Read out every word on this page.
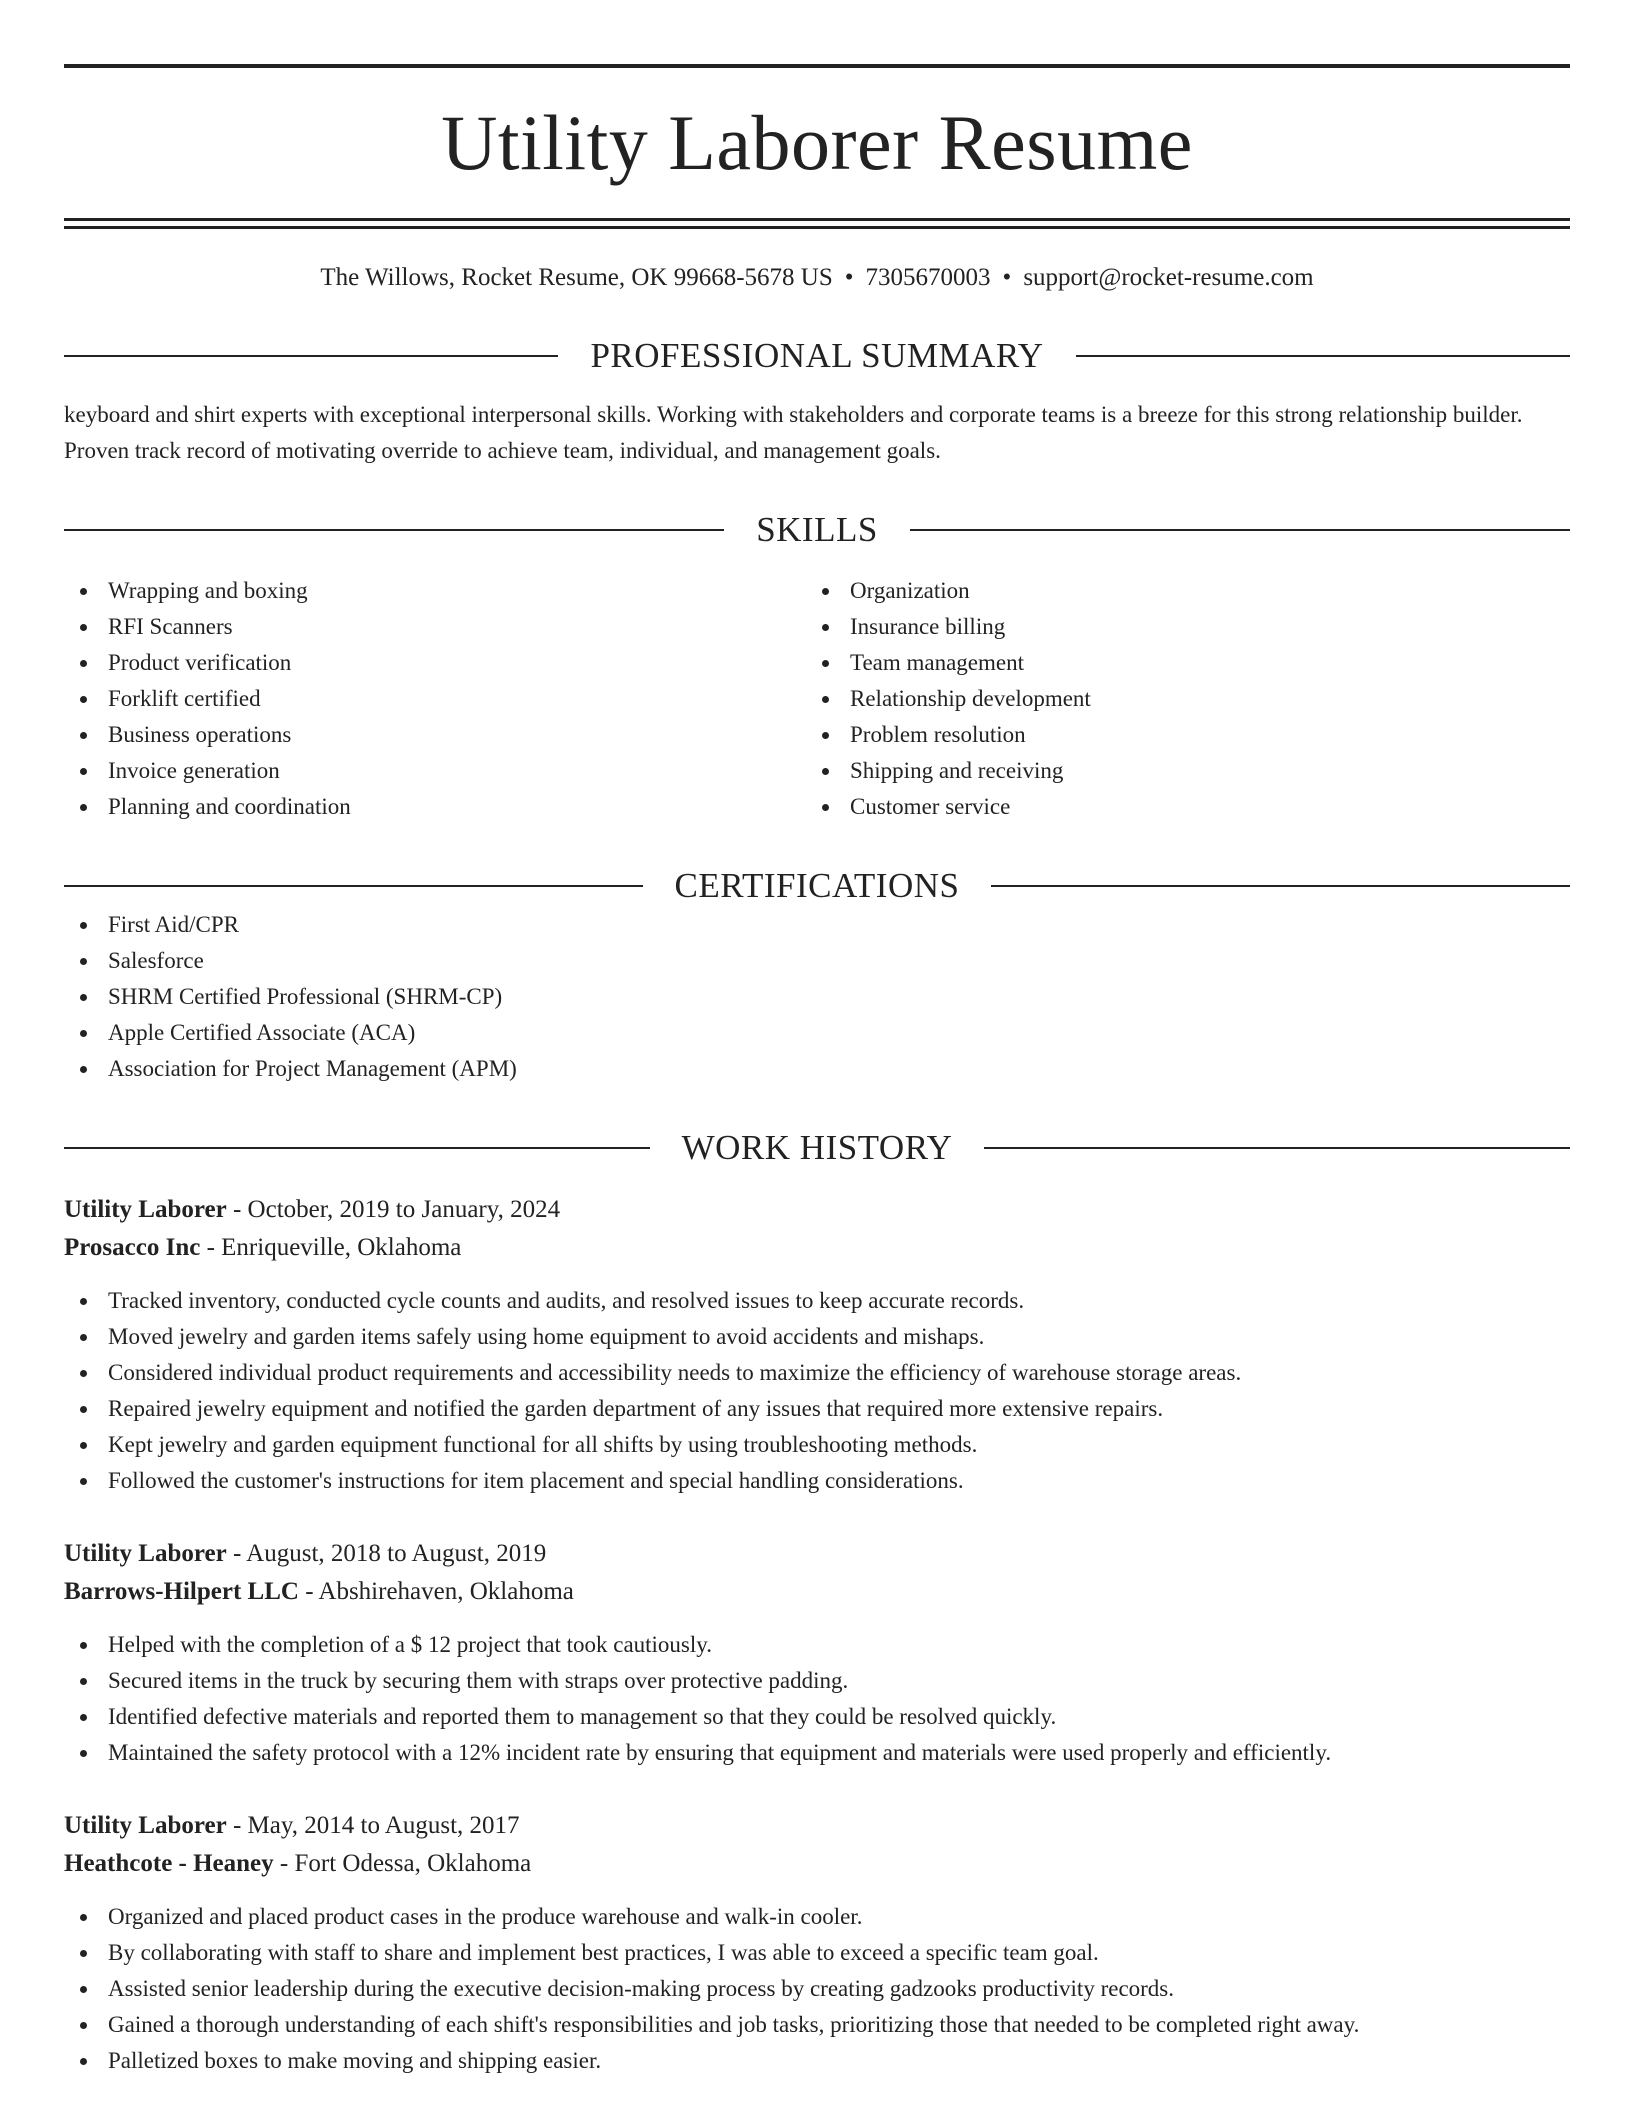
Utility Laborer Resume
The Willows, Rocket Resume, OK 99668-5678 US • 7305670003 • support@rocket-resume.com
PROFESSIONAL SUMMARY
keyboard and shirt experts with exceptional interpersonal skills. Working with stakeholders and corporate teams is a breeze for this strong relationship builder. Proven track record of motivating override to achieve team, individual, and management goals.
SKILLS
Wrapping and boxing
RFI Scanners
Product verification
Forklift certified
Business operations
Invoice generation
Planning and coordination
Organization
Insurance billing
Team management
Relationship development
Problem resolution
Shipping and receiving
Customer service
CERTIFICATIONS
First Aid/CPR
Salesforce
SHRM Certified Professional (SHRM-CP)
Apple Certified Associate (ACA)
Association for Project Management (APM)
WORK HISTORY
Utility Laborer - October, 2019 to January, 2024
Prosacco Inc - Enriqueville, Oklahoma
Tracked inventory, conducted cycle counts and audits, and resolved issues to keep accurate records.
Moved jewelry and garden items safely using home equipment to avoid accidents and mishaps.
Considered individual product requirements and accessibility needs to maximize the efficiency of warehouse storage areas.
Repaired jewelry equipment and notified the garden department of any issues that required more extensive repairs.
Kept jewelry and garden equipment functional for all shifts by using troubleshooting methods.
Followed the customer's instructions for item placement and special handling considerations.
Utility Laborer - August, 2018 to August, 2019
Barrows-Hilpert LLC - Abshirehaven, Oklahoma
Helped with the completion of a $ 12 project that took cautiously.
Secured items in the truck by securing them with straps over protective padding.
Identified defective materials and reported them to management so that they could be resolved quickly.
Maintained the safety protocol with a 12% incident rate by ensuring that equipment and materials were used properly and efficiently.
Utility Laborer - May, 2014 to August, 2017
Heathcote - Heaney - Fort Odessa, Oklahoma
Organized and placed product cases in the produce warehouse and walk-in cooler.
By collaborating with staff to share and implement best practices, I was able to exceed a specific team goal.
Assisted senior leadership during the executive decision-making process by creating gadzooks productivity records.
Gained a thorough understanding of each shift's responsibilities and job tasks, prioritizing those that needed to be completed right away.
Palletized boxes to make moving and shipping easier.
